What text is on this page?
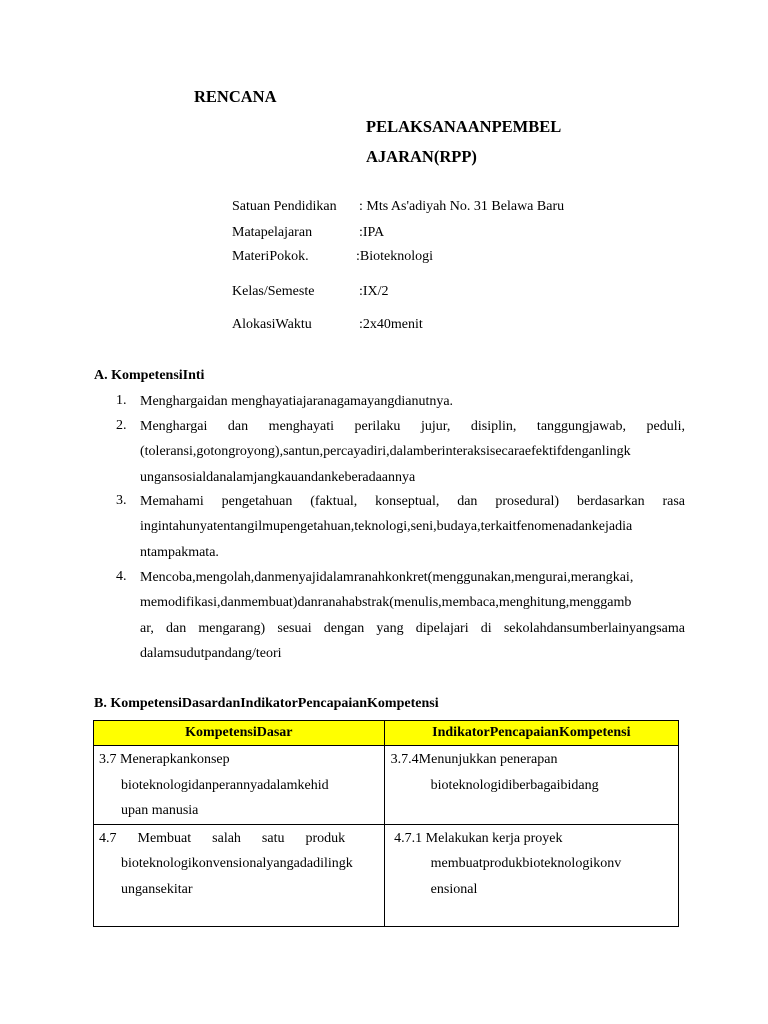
RENCANA
PELAKSANAANPEMBEL
AJARAN(RPP)
Satuan Pendidikan : Mts As'adiyah No. 31 Belawa Baru
Matapelajaran	:IPA
MateriPokok.	:Bioteknologi
Kelas/Semeste	:IX/2
AlokasiWaktu	:2x40menit
A. KompetensiInti
1. Menghargaidan menghayatiajaranagamayangdianutnya.
2. Menghargai dan menghayati perilaku jujur, disiplin, tanggungjawab, peduli,
(toleransi,gotongroyong),santun,percayadiri,dalamberinteraksisecaraefektifdenganlingk
ungansosialdanalamjangkauandankeberadaannya
3. Memahami pengetahuan (faktual, konseptual, dan prosedural) berdasarkan rasa
ingintahunyatentangilmupengetahuan,teknologi,seni,budaya,terkaitfenomenadankejadia
ntampakmata.
4. Mencoba,mengolah,danmenyajidalamranahkonkret(menggunakan,mengurai,merangkai,
memodifikasi,danmembuat)danranahabstrak(menulis,membaca,menghitung,menggamb
ar, dan mengarang) sesuai dengan yang dipelajari di sekolahdansumberlainyangsama
dalamsudutpandang/teori
B. KompetensiDasardanIndikatorPencapaianKompetensi
KompetensiDasar	IndikatorPencapaianKompetensi

3.7 Menerapkankonsep
bioteknologidanperannyadalamkehid
upan manusia	3.7.4Menunjukkan penerapan
bioteknologidiberbagaibidang

4.7      Membuat      salah      satu      produk
bioteknologikonvensionalyangadadilingk
ungansekitar	4.7.1 Melakukan kerja proyek
membuatprodukbioteknologikonv
ensional
